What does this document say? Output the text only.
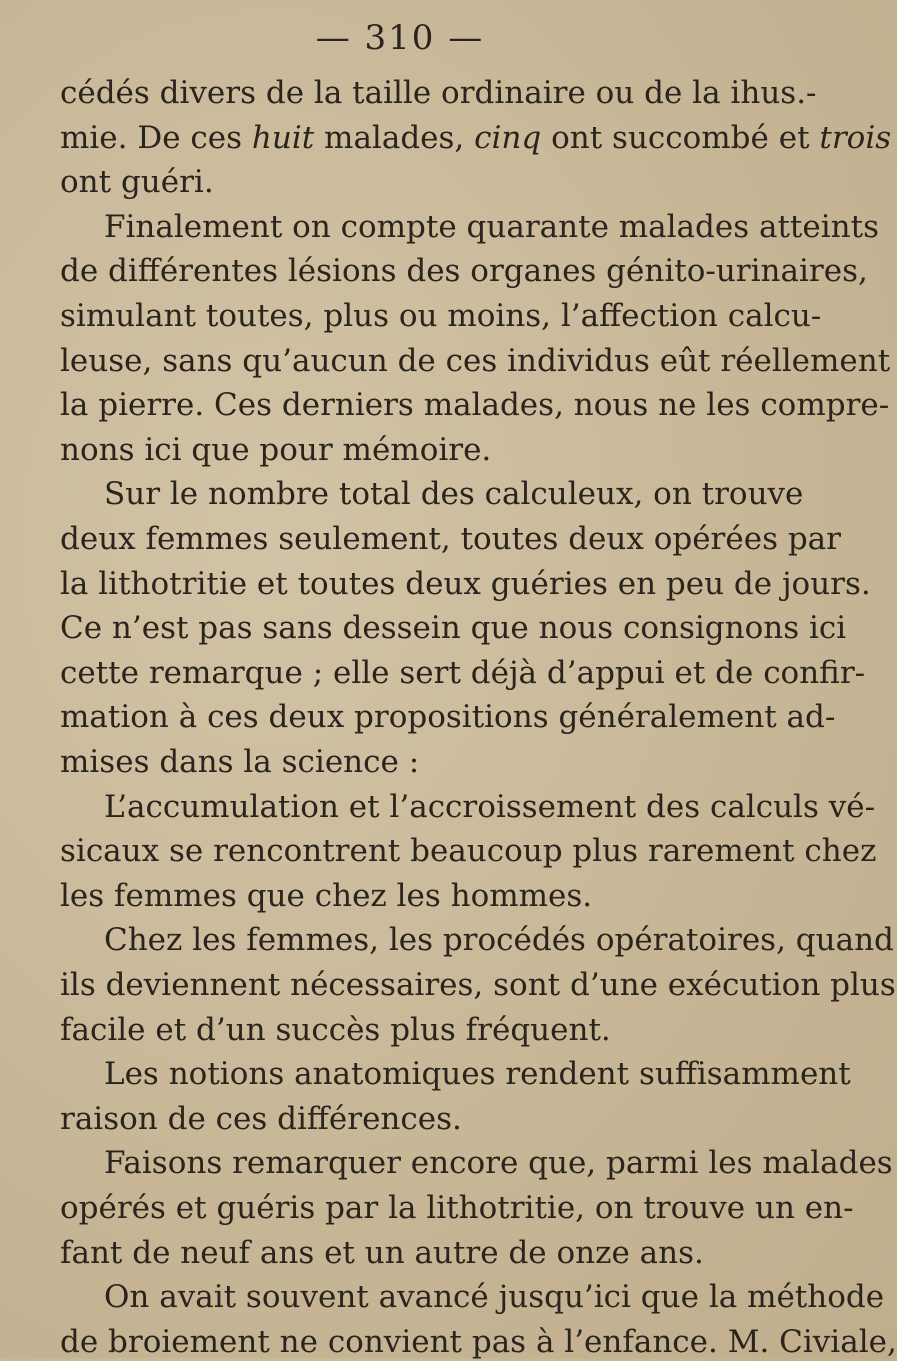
— 310 —
cédés divers de la taille ordinaire ou de la ihus.-
mie. De ces huit malades, cinq ont succombé et trois
ont guéri.
Finalement on compte quarante malades atteints
de différentes lésions des organes génito-urinaires,
simulant toutes, plus ou moins, l’affection calcu-
leuse, sans qu’aucun de ces individus eût réellement
la pierre. Ces derniers malades, nous ne les compre-
nons ici que pour mémoire.
Sur le nombre total des calculeux, on trouve
deux femmes seulement, toutes deux opérées par
la lithotritie et toutes deux guéries en peu de jours.
Ce n’est pas sans dessein que nous consignons ici
cette remarque ; elle sert déjà d’appui et de confir-
mation à ces deux propositions généralement ad-
mises dans la science :
L’accumulation et l’accroissement des calculs vé-
sicaux se rencontrent beaucoup plus rarement chez
les femmes que chez les hommes.
Chez les femmes, les procédés opératoires, quand
ils deviennent nécessaires, sont d’une exécution plus
facile et d’un succès plus fréquent.
Les notions anatomiques rendent suffisamment
raison de ces différences.
Faisons remarquer encore que, parmi les malades
opérés et guéris par la lithotritie, on trouve un en-
fant de neuf ans et un autre de onze ans.
On avait souvent avancé jusqu’ici que la méthode
de broiement ne convient pas à l’enfance. M. Civiale,
